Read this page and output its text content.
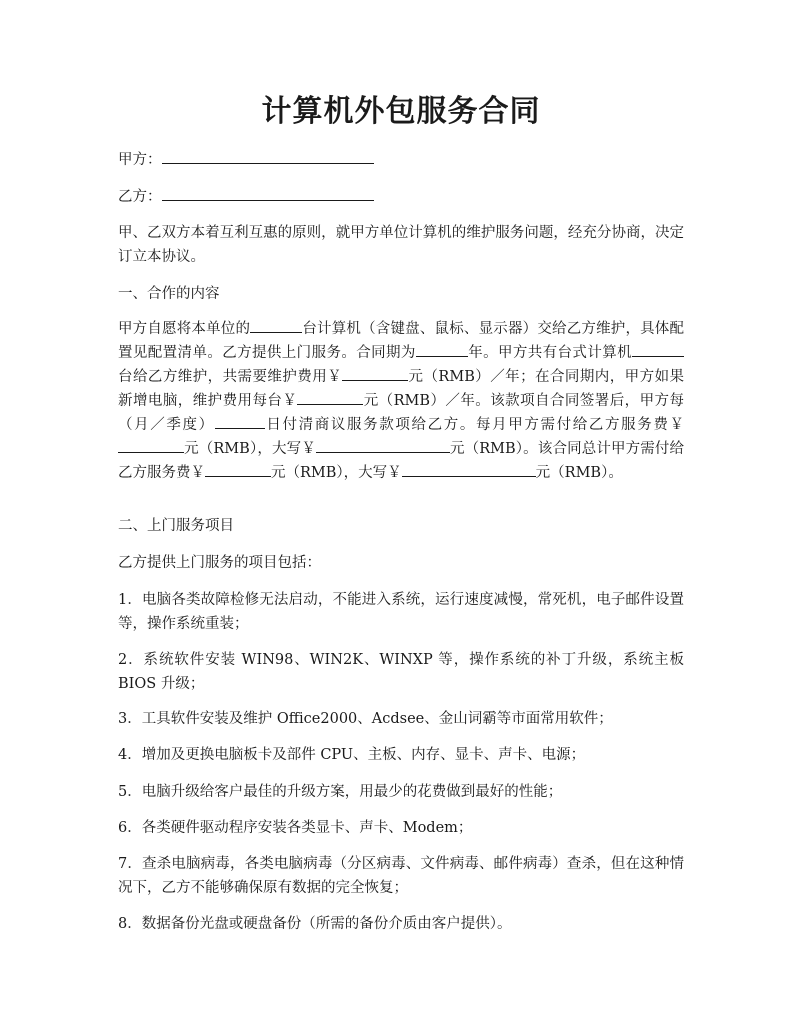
计算机外包服务合同

甲方：

乙方：

甲、乙双方本着互利互惠的原则，就甲方单位计算机的维护服务问题，经充分协商，决定订立本协议。

一、合作的内容

甲方自愿将本单位的	台计算机（含键盘、鼠标、显示器）交给乙方维护，具体配置见配置清单。乙方提供上门服务。合同期为	年。甲方共有台式计算机台给乙方维护，共需要维护费用￥	元（RMB）／年；在合同期内，甲方如果新增电脑，维护费用每台￥	元（RMB）／年。该款项自合同签署后，甲方每（月／季度）	日付清商议服务款项给乙方。每月甲方需付给乙方服务费￥元（RMB），大写￥	元（RMB）。该合同总计甲方需付给乙方服务费￥	元（RMB），大写￥	元（RMB）。

二、上门服务项目

乙方提供上门服务的项目包括：

1．电脑各类故障检修无法启动，不能进入系统，运行速度减慢，常死机，电子邮件设置等，操作系统重装；

2．系统软件安装 WIN98、WIN2K、WINXP 等，操作系统的补丁升级，系统主板 BIOS 升级；

3．工具软件安装及维护 Office2000、Acdsee、金山词霸等市面常用软件；

4．增加及更换电脑板卡及部件 CPU、主板、内存、显卡、声卡、电源；

5．电脑升级给客户最佳的升级方案，用最少的花费做到最好的性能；

6．各类硬件驱动程序安装各类显卡、声卡、Modem；

7．查杀电脑病毒，各类电脑病毒（分区病毒、文件病毒、邮件病毒）查杀，但在这种情况下，乙方不能够确保原有数据的完全恢复；

8．数据备份光盘或硬盘备份（所需的备份介质由客户提供）。
